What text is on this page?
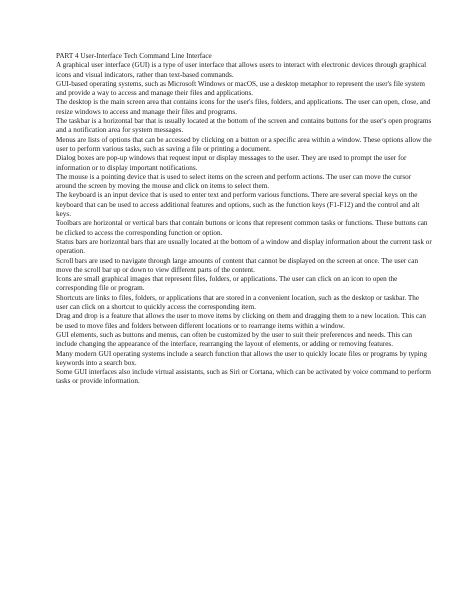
PART 4 User-Interface Tech Command Line Interface

A graphical user interface (GUI) is a type of user interface that allows users to interact with electronic devices through graphical icons and visual indicators, rather than text-based commands.

GUI-based operating systems, such as Microsoft Windows or macOS, use a desktop metaphor to represent the user's file system and provide a way to access and manage their files and applications.

The desktop is the main screen area that contains icons for the user's files, folders, and applications. The user can open, close, and resize windows to access and manage their files and programs.

The taskbar is a horizontal bar that is usually located at the bottom of the screen and contains buttons for the user's open programs and a notification area for system messages.

Menus are lists of options that can be accessed by clicking on a button or a specific area within a window. These options allow the user to perform various tasks, such as saving a file or printing a document.

Dialog boxes are pop-up windows that request input or display messages to the user. They are used to prompt the user for information or to display important notifications.

The mouse is a pointing device that is used to select items on the screen and perform actions. The user can move the cursor around the screen by moving the mouse and click on items to select them.

The keyboard is an input device that is used to enter text and perform various functions. There are several special keys on the keyboard that can be used to access additional features and options, such as the function keys (F1-F12) and the control and alt keys.

Toolbars are horizontal or vertical bars that contain buttons or icons that represent common tasks or functions. These buttons can be clicked to access the corresponding function or option.

Status bars are horizontal bars that are usually located at the bottom of a window and display information about the current task or operation.

Scroll bars are used to navigate through large amounts of content that cannot be displayed on the screen at once. The user can move the scroll bar up or down to view different parts of the content.

Icons are small graphical images that represent files, folders, or applications. The user can click on an icon to open the corresponding file or program.

Shortcuts are links to files, folders, or applications that are stored in a convenient location, such as the desktop or taskbar. The user can click on a shortcut to quickly access the corresponding item.

Drag and drop is a feature that allows the user to move items by clicking on them and dragging them to a new location. This can be used to move files and folders between different locations or to rearrange items within a window.

GUI elements, such as buttons and menus, can often be customized by the user to suit their preferences and needs. This can include changing the appearance of the interface, rearranging the layout of elements, or adding or removing features.

Many modern GUI operating systems include a search function that allows the user to quickly locate files or programs by typing keywords into a search box.

Some GUI interfaces also include virtual assistants, such as Siri or Cortana, which can be activated by voice command to perform tasks or provide information.
